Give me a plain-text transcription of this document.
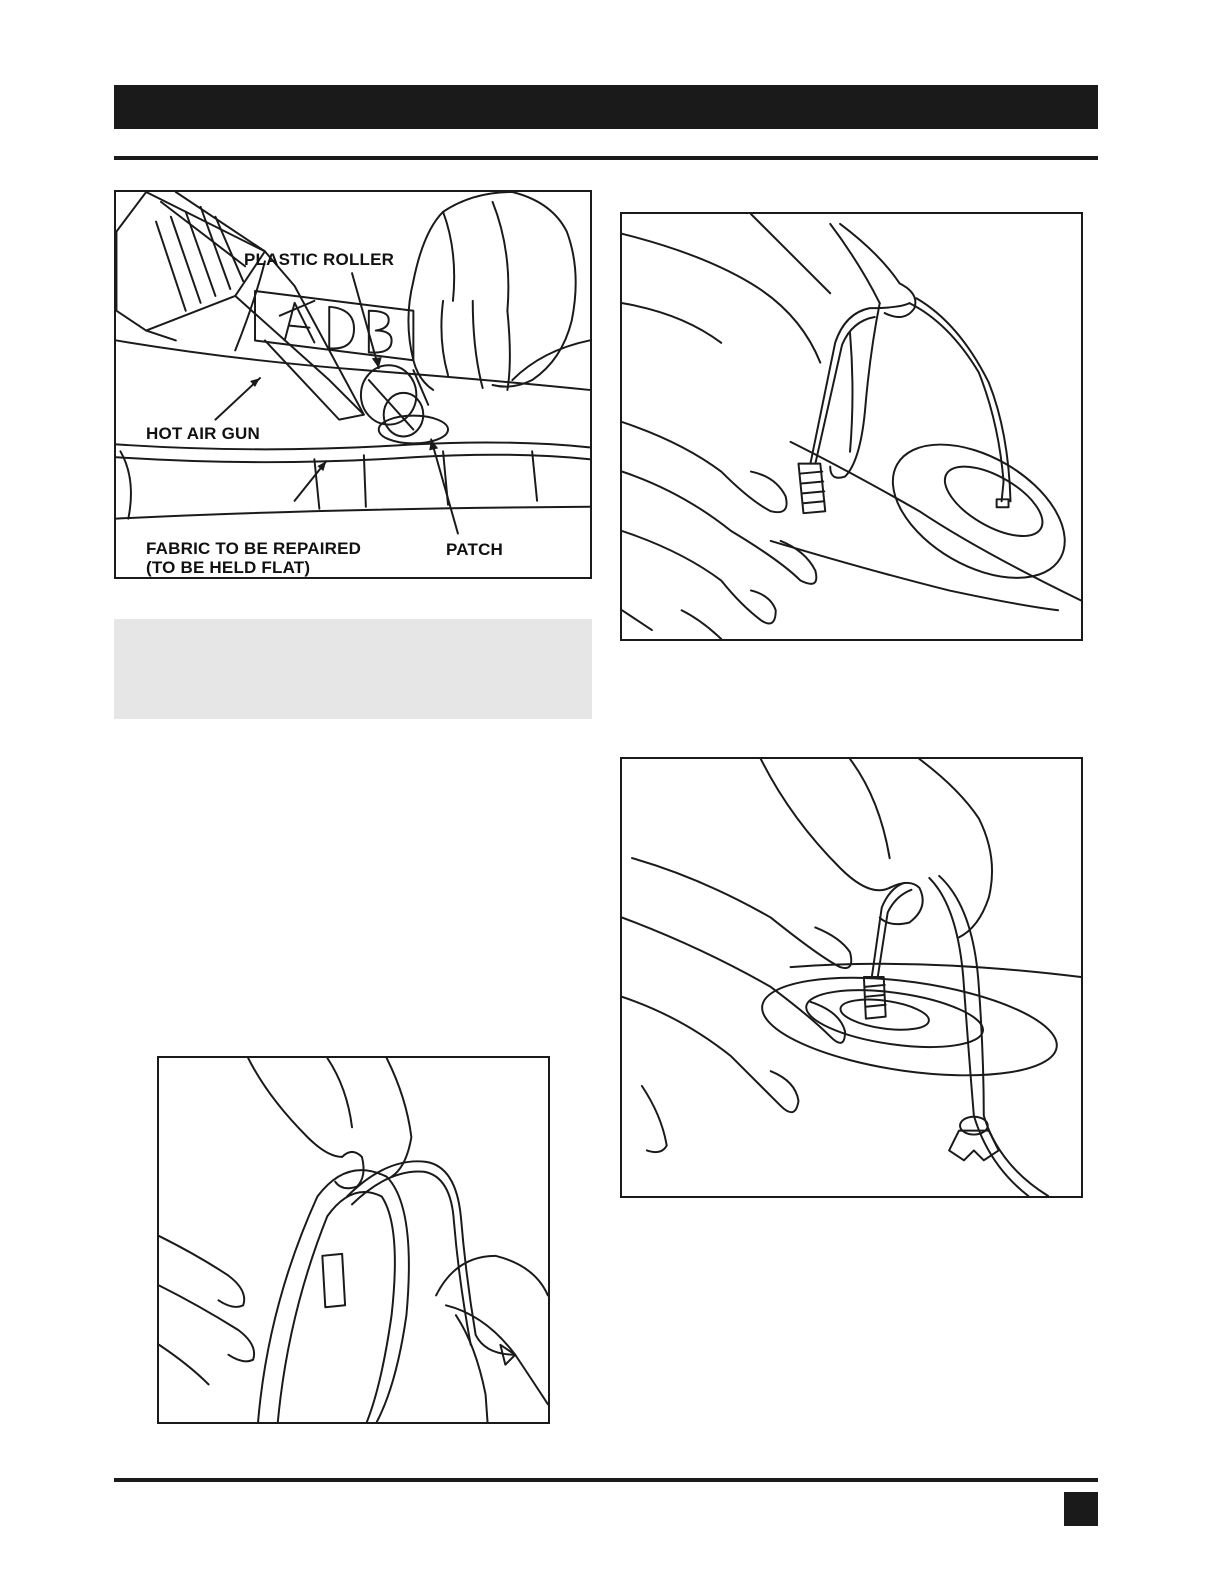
PLASTIC ROLLER
HOT AIR GUN
FABRIC TO BE REPAIRED
(TO BE HELD FLAT)
PATCH
